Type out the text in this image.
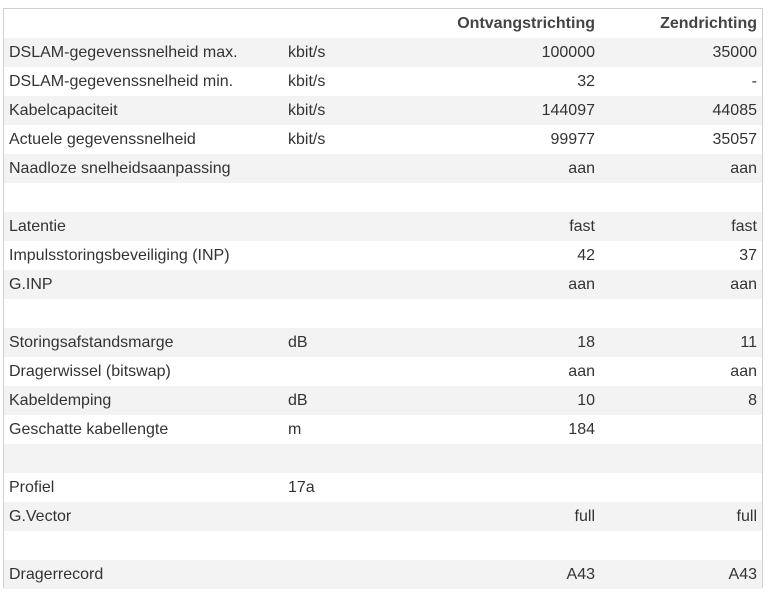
		Ontvangstrichting	Zendrichting
DSLAM-gegevenssnelheid max.	kbit/s	100000	35000
DSLAM-gegevenssnelheid min.	kbit/s	32	-
Kabelcapaciteit	kbit/s	144097	44085
Actuele gegevenssnelheid	kbit/s	99977	35057
Naadloze snelheidsaanpassing		aan	aan

Latentie		fast	fast
Impulsstoringsbeveiliging (INP)		42	37
G.INP		aan	aan

Storingsafstandsmarge	dB	18	11
Dragerwissel (bitswap)		aan	aan
Kabeldemping	dB	10	8
Geschatte kabellengte	m	184	

Profiel	17a		
G.Vector		full	full

Dragerrecord		A43	A43
